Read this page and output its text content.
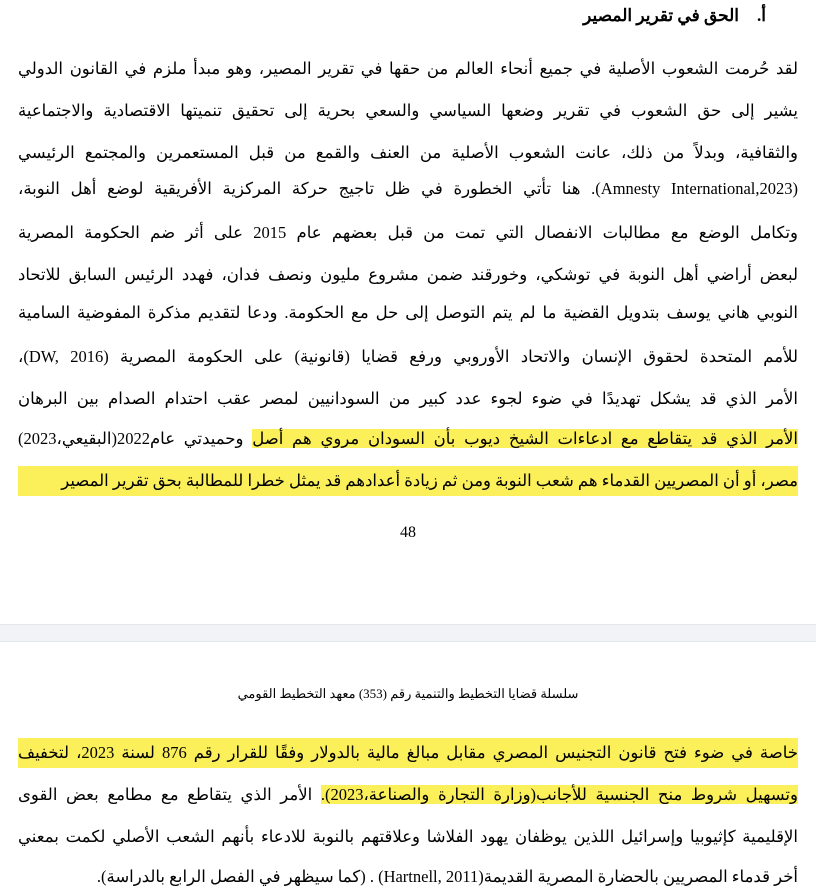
أ.الحق في تقرير المصير
لقد حُرمت الشعوب الأصلية في جميع أنحاء العالم من حقها في تقرير المصير، وهو مبدأ ملزم في القانون الدولي
يشير إلى حق الشعوب في تقرير وضعها السياسي والسعي بحرية إلى تحقيق تنميتها الاقتصادية والاجتماعية
والثقافية، وبدلاً من ذلك، عانت الشعوب الأصلية من العنف والقمع من قبل المستعمرين والمجتمع الرئيسي
(Amnesty International,2023). هنا تأتي الخطورة في ظل تاجيج حركة المركزية الأفريقية لوضع أهل النوبة،
وتكامل الوضع مع مطالبات الانفصال التي تمت من قبل بعضهم عام 2015 على أثر ضم الحكومة المصرية
لبعض أراضي أهل النوبة في توشكي، وخورقند ضمن مشروع مليون ونصف فدان، فهدد الرئيس السابق للاتحاد
النوبي هاني يوسف بتدويل القضية ما لم يتم التوصل إلى حل مع الحكومة. ودعا لتقديم مذكرة المفوضية السامية
للأمم المتحدة لحقوق الإنسان والاتحاد الأوروبي ورفع قضايا (قانونية) على الحكومة المصرية (DW, 2016)،
الأمر الذي قد يشكل تهديدًا في ضوء لجوء عدد كبير من السودانيين لمصر عقب احتدام الصدام بين البرهان
الأمر الذي قد يتقاطع مع ادعاءات الشيخ ديوب بأن السودان مروي هم أصل وحميدتي عام2022(البقيعي،2023)
مصر، أو أن المصريين القدماء هم شعب النوبة ومن ثم زيادة أعدادهم قد يمثل خطرا للمطالبة بحق تقرير المصير
48
سلسلة قضايا التخطيط والتنمية رقم (353) معهد التخطيط القومي
خاصة في ضوء فتح قانون التجنيس المصري مقابل مبالغ مالية بالدولار وفقًا للقرار رقم 876 لسنة 2023، لتخفيف
وتسهيل شروط منح الجنسية للأجانب(وزارة التجارة والصناعة،2023). الأمر الذي يتقاطع مع مطامع بعض القوى
الإقليمية كإثيوبيا وإسرائيل اللذين يوظفان يهود الفلاشا وعلاقتهم بالنوبة للادعاء بأنهم الشعب الأصلي لكمت بمعني
أخر قدماء المصريين بالحضارة المصرية القديمة(Hartnell, 2011) . (كما سيظهر في الفصل الرابع بالدراسة).
